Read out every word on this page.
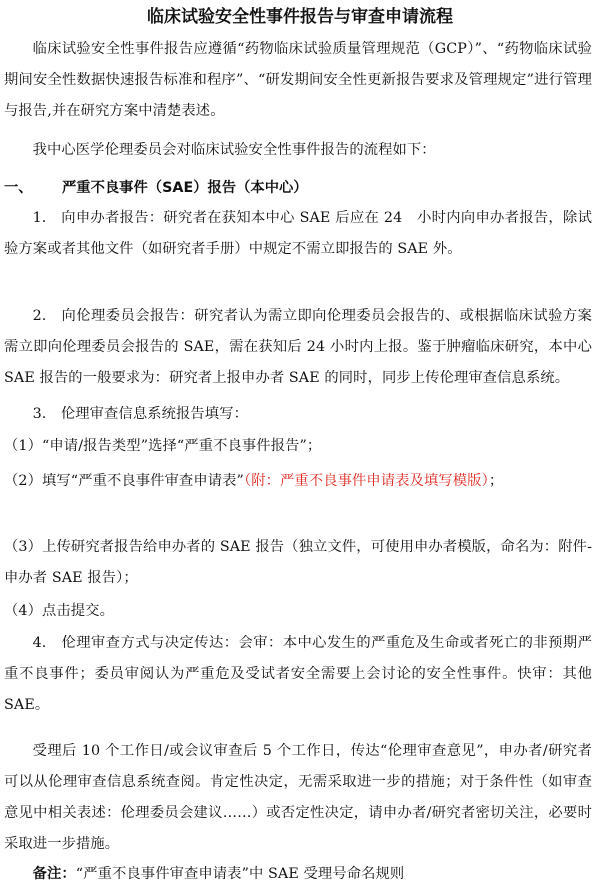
临床试验安全性事件报告与审查申请流程
临床试验安全性事件报告应遵循“药物临床试验质量管理规范（GCP）”、“药物临床试验期间安全性数据快速报告标准和程序”、“研发期间安全性更新报告要求及管理规定”进行管理与报告,并在研究方案中清楚表述。
我中心医学伦理委员会对临床试验安全性事件报告的流程如下：
一、 严重不良事件（SAE）报告（本中心）
1.　向申办者报告：研究者在获知本中心 SAE 后应在 24　小时内向申办者报告，除试验方案或者其他文件（如研究者手册）中规定不需立即报告的 SAE 外。
2.　向伦理委员会报告：研究者认为需立即向伦理委员会报告的、或根据临床试验方案需立即向伦理委员会报告的 SAE，需在获知后 24 小时内上报。鉴于肿瘤临床研究，本中心 SAE 报告的一般要求为：研究者上报申办者 SAE 的同时，同步上传伦理审查信息系统。
3.　伦理审查信息系统报告填写：
（1）“申请/报告类型”选择“严重不良事件报告”；
（2）填写“严重不良事件审查申请表”（附：严重不良事件申请表及填写模版）；
（3）上传研究者报告给申办者的 SAE 报告（独立文件，可使用申办者模版，命名为：附件-申办者 SAE 报告）；
（4）点击提交。
4.　伦理审查方式与决定传达：会审：本中心发生的严重危及生命或者死亡的非预期严重不良事件；委员审阅认为严重危及受试者安全需要上会讨论的安全性事件。快审：其他 SAE。
受理后 10 个工作日/或会议审查后 5 个工作日，传达“伦理审查意见”，申办者/研究者可以从伦理审查信息系统查阅。肯定性决定，无需采取进一步的措施；对于条件性（如审查意见中相关表述：伦理委员会建议……）或否定性决定，请申办者/研究者密切关注，必要时采取进一步措施。
备注：“严重不良事件审查申请表”中 SAE 受理号命名规则
